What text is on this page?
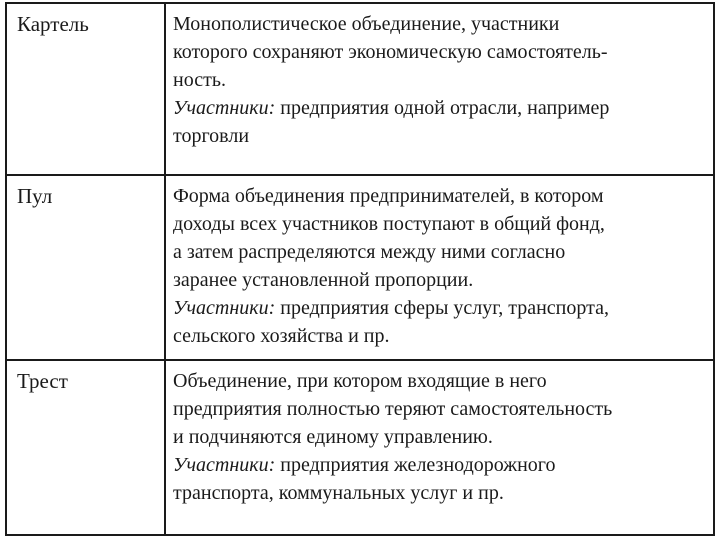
Картель	Монополистическое объединение, участники
которого сохраняют экономическую самостоятель-
ность.
Участники: предприятия одной отрасли, например
торговли
Пул	Форма объединения предпринимателей, в котором
доходы всех участников поступают в общий фонд,
а затем распределяются между ними согласно
заранее установленной пропорции.
Участники: предприятия сферы услуг, транспорта,
сельского хозяйства и пр.
Трест	Объединение, при котором входящие в него
предприятия полностью теряют самостоятельность
и подчиняются единому управлению.
Участники: предприятия железнодорожного
транспорта, коммунальных услуг и пр.
